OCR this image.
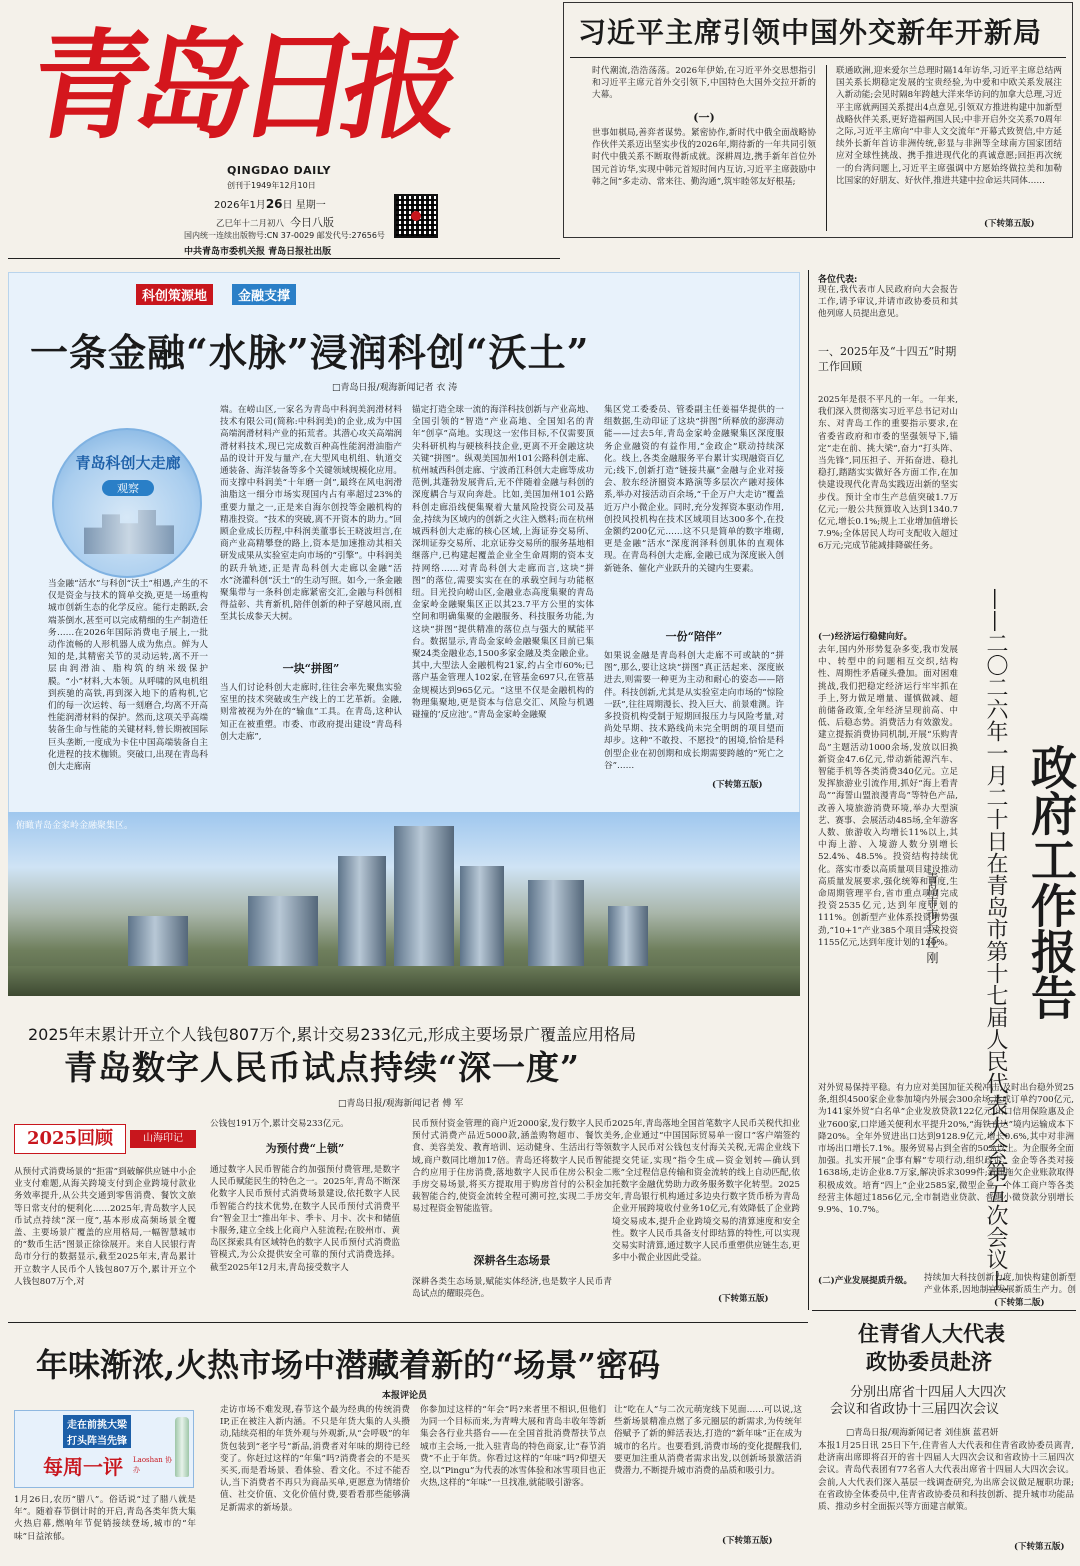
青岛日报
QINGDAO DAILY
创刊于1949年12月10日
2026年1月26日 星期一
乙巳年十二月初八 今日八版
国内统一连续出版物号:CN 37-0029 邮发代号:27656号
中共青岛市委机关报 青岛日报社出版
习近平主席引领中国外交新年开新局
时代潮流,浩浩荡荡。2026年伊始,在习近平外交思想指引和习近平主席元首外交引领下,中国特色大国外交拉开新的大幕。
(一)
世事如棋局,善弈者谋势。紧密协作,新时代中俄全面战略协作伙伴关系迈出坚实步伐的2026年,期待新的一年共同引领时代中俄关系不断取得新成就。深耕周边,携手新年首位外国元首访华,实现中韩元首短时间内互访,习近平主席鼓励中韩之间“多走动、常来往、勤沟通”,筑牢睦邻友好根基;
联通欧洲,迎来爱尔兰总理时隔14年访华,习近平主席总结两国关系长期稳定发展的宝贵经验,为中爱和中欧关系发展注入新动能;会见时隔8年跨越大洋来华访问的加拿大总理,习近平主席就两国关系提出4点意见,引领双方推进构建中加新型战略伙伴关系,更好造福两国人民;中非开启外交关系70周年之际,习近平主席向“中非人文交流年”开幕式致贺信,中方延续外长新年首访非洲传统,彰显与非洲等全球南方国家团结应对全球性挑战、携手推进现代化的真诚意愿;回拒再次统一的台湾问题上,习近平主席强调中方愿始终做拉美和加勒比国家的好朋友、好伙伴,推进共建中拉命运共同体……
(下转第五版)
科创策源地	金融支撑
一条金融“水脉”浸润科创“沃土”
□青岛日报/观海新闻记者 衣 涛
青岛科创大走廊
观察
当金融“活水”与科创“沃土”相遇,产生的不仅是资金与技术的简单交换,更是一场重构城市创新生态的化学反应。能行走鹅跃,会端茶倒水,甚至可以完成精细的生产制造任务……在2026年国际消费电子展上,一批动作流畅的人形机器人成为焦点。鲜为人知的是,其精密关节的灵动运转,离不开一层由润滑油、脂构筑的纳米级保护膜。“小”材料,大本领。从呼啸的风电机组到疾驰的高铁,再到深入地下的盾构机,它们的每一次运转、每一刻磨合,均离不开高性能润滑材料的保护。然而,这项关乎高端装备生命与性能的关键材料,曾长期被国际巨头垄断,一度成为卡住中国高端装备自主化进程的技术枷锁。突破口,出现在青岛科创大走廊南
端。在崂山区,一家名为青岛中科润美润滑材料技术有限公司(简称:中科润美)的企业,成为中国高端润滑材料产业的拓荒者。其潜心攻关高端润滑材料技术,现已完成数百种高性能润滑油脂产品的设计开发与量产,在大型风电机组、轨道交通装备、海洋装备等多个关键领域规模化应用。而支撑中科润美“十年磨一剑”,最终在风电润滑油脂这一细分市场实现国内占有率超过23%的重要力量之一,正是来自海尔创投等金融机构的精准投资。“技术的突破,离不开资本的助力。”回顾企业成长历程,中科润美董事长王晓波坦言,在商产业高精攀登的路上,资本是加速推动其相关研发成果从实验室走向市场的“引擎”。中科润美的跃升轨迹,正是青岛科创大走廊以金融“活水”浇灌科创“沃土”的生动写照。如今,一条金融聚集带与一条科创走廊紧密交汇,金融与科创相得益彰、共育新机,陪伴创新的种子穿越风雨,直至其长成参天大树。
一块“拼图”
当人们讨论科创大走廊时,往往会率先聚焦实验室里的技术突破或生产线上的工艺革新。金融,则常被视为外在的“输血”工具。在青岛,这种认知正在被重塑。市委、市政府提出建设“青岛科创大走廊”,
锚定打造全球一流的海洋科技创新与产业高地、全国引领的“智造”产业高地、全国知名的青年“创享”高地。实现这一宏伟目标,不仅需要顶尖科研机构与硬核科技企业,更离不开金融这块关键“拼图”。纵观美国加州101公路科创走廊、杭州城西科创走廊、宁波甬江科创大走廊等成功范例,其蓬勃发展背后,无不伴随着金融与科创的深度耦合与双向奔赴。比如,美国加州101公路科创走廊沿线便集聚着大量风险投资公司及基金,持续为区域内的创新之火注入燃料;而在杭州城西科创大走廊的核心区域,上海证券交易所、深圳证券交易所、北京证券交易所的服务基地相继落户,已构建起覆盖企业全生命周期的资本支持网络……对青岛科创大走廊而言,这块“拼图”的落位,需要实实在在的承载空间与功能枢纽。目光投向崂山区,金融业态高度集聚的青岛金家岭金融聚集区正以其23.7平方公里的实体空间和明确集聚的金融服务、科技服务功能,为这块“拼图”提供精准的落位点与强大的赋能平台。数据显示,青岛金家岭金融聚集区目前已集聚24类金融业态,1500多家金融及类金融企业。其中,大型法人金融机构21家,约占全市60%;已落户基金管理人102家,在管基金697只,在管基金规模达到965亿元。“这里不仅是金融机构的物理集聚地,更是资本与信息交汇、风险与机遇碰撞的‘反应池’。”青岛金家岭金融聚
集区党工委委员、管委副主任姜福华提供的一组数据,生动印证了这块“拼图”所释放的澎湃动能——过去5年,青岛金家岭金融聚集区深度服务企业融资的有益作用,“金政企”联动持续深化。线上,各类金融服务平台累计实现融资百亿元;线下,创新打造“链接共赢”金融与企业对接会、胶东经济圈资本路演等多层次产融对接体系,举办对接活动百余场,“千企万户大走访”覆盖近万户小微企业。同时,充分发挥资本驱动作用,创投风投机构在技术区域项目达300多个,在投金额约200亿元……这不只是简单的数字堆砌,更是金融“活水”深度润泽科创肌体的直观体现。在青岛科创大走廊,金融已成为深度嵌入创新链条、催化产业跃升的关键内生要素。
一份“陪伴”
如果说金融是青岛科创大走廊不可或缺的“拼图”,那么,要让这块“拼图”真正活起来、深度嵌进去,则需要一种更为主动和耐心的姿态——陪伴。科技创新,尤其是从实验室走向市场的“惊险一跃”,往往周期漫长、投入巨大、前景难测。许多投资机构受制于短期回报压力与风险考量,对尚处早期、技术路线尚未完全明朗的项目望而却步。这种“不敢投、不愿投”的困境,恰恰是科创型企业在初创期和成长期需要跨越的“死亡之谷”……
(下转第五版)
俯瞰青岛金家岭金融聚集区。
2025年末累计开立个人钱包807万个,累计交易233亿元,形成主要场景广覆盖应用格局
青岛数字人民币试点持续“深一度”
□青岛日报/观海新闻记者 傅 军
2025回顾	山海印记
从预付式消费场景的“拒雷”到破解供应链中小企业支付难题,从海关跨境支付到企业跨境付款业务效率提升,从公共交通到零售消费、餐饮文旅等日常支付的便利化……2025年,青岛数字人民币试点持续“深一度”,基本形成高频场景全覆盖、主要场景广覆盖的应用格局,一幅智慧城市的“数币生活”图景正徐徐展开。来自人民银行青岛市分行的数据显示,截至2025年末,青岛累计开立数字人民币个人钱包807万个,累计开立个人钱包807万个,对
公钱包191万个,累计交易233亿元。
为预付费“上锁”
通过数字人民币智能合约加强预付费管理,是数字人民币赋能民生的特色之一。2025年,青岛不断深化数字人民币预付式消费场景建设,依托数字人民币智能合约技术优势,在数字人民币预付式消费平台“智金卫士”推出年卡、季卡、月卡、次卡和储值卡服务,建立全线上化商户入驻流程;在胶州市、黄岛区探索具有区域特色的数字人民币预付式消费监管模式,为公众提供安全可靠的预付式消费选择。截至2025年12月末,青岛接受数字人
民币预付资金管理的商户近2000家,发行数字人民币预付式消费产品近5000款,涵盖购物超市、餐饮美食、美容美发、教育培训、运动健身、生活出行等领域,商户数同比增加17倍。青岛还将数字人民币智能合约应用于住房消费,落地数字人民币住房公积金二手房交易场景,将买方提取用于购房首付的公积金加载智能合约,使资金流转全程可溯可控,实现二手房交易过程资金智能监管。
深耕各生态场景
深耕各类生态场景,赋能实体经济,也是数字人民币青岛试点的耀眼亮色。
2025年,青岛落地全国首笔数字人民币关税代扣业务,企业通过“中国国际贸易单一窗口”客户端签约数字人民币对公钱包支付海关关税,无需企业线下提交凭证,实现“指令生成—资金划转—确认到账”全过程信息传输和资金流转的线上自动匹配,依托数字金融优势助力政务服务数字化转型。2025年,青岛银行机构通过多边央行数字货币桥为青岛企业开展跨境收付业务10亿元,有效降低了企业跨境交易成本,提升企业跨境交易的清算速度和安全性。数字人民币具备支付即结算的特性,可以实现交易实时清算,通过数字人民币重塑供应链生态,更多中小微企业因此受益。
(下转第五版)
年味渐浓,火热市场中潜藏着新的“场景”密码
本报评论员
走在前挑大梁
打头阵当先锋
每周一评 Laoshan 协办
1月26日,农历“腊八”。俗话说“过了腊八就是年”。随着春节倒计时的开启,青岛各类年货大集火热启幕,燃响年节促销接续登场,城市的“年味”日益浓郁。
走访市场不难发现,春节这个最为经典的传统消费IP,正在被注入新内涵。不只是年货大集的人头攒动,陆续亮相的年货外观与外观新,从“会呼吸”的年货包装到“老字号”新品,消费者对年味的期待已经变了。你赶过这样的“年集”吗?消费者会的不是买买买,而是看场景、看体验、看文化。不过不能否认,当下消费者不再只为商品买单,更愿意为情绪价值、社交价值、文化价值付费,要看看那些能够满足新需求的新场景。
你参加过这样的“年会”吗?来者里不相识,但他们为同一个目标而来,为青啤大展和青岛丰收年等新集会各行业共搭台——在全国首批消费帮扶节点城市主会场,一批入驻青岛的特色商家,让“春节消费”不止于年货。你看过这样的“年味”吗?仰望天空,以“Pingu”为代表的冰雪体验和冰雪项目也正火热,这样的“年味”一旦找准,就能吸引游客。
让“吃在人”与二次元萌宠线下见面……可以说,这些新场景精准点燃了多元圈层的新需求,为传统年俗赋予了新的鲜活表达,打造的“新年味”正在成为城市的名片。也要看到,消费市场的变化提醒我们,要更加注重从消费者需求出发,以创新场景激活消费潜力,不断提升城市消费的品质和吸引力。
(下转第五版)
各位代表:
现在,我代表市人民政府向大会报告工作,请予审议,并请市政协委员和其他列席人员提出意见。
一、2025年及“十四五”时期工作回顾
2025年是很不平凡的一年。一年来,我们深入贯彻落实习近平总书记对山东、对青岛工作的重要指示要求,在省委省政府和市委的坚强领导下,锚定“走在前、挑大梁”,奋力“打头阵、当先锋”,同压担子、开拓奋进、稳扎稳打,踏踏实实做好各方面工作,在加快建设现代化青岛实践迈出新的坚实步伐。预计全市生产总值突破1.7万亿元;一般公共预算收入达到1340.7亿元,增长0.1%;规上工业增加值增长7.9%;全体居民人均可支配收入超过6万元;完成节能减排降碳任务。
(一)经济运行稳健向好。
去年,国内外形势复杂多变,我市发展中、转型中的问题相互交织,结构性、周期性矛盾碰头叠加。面对困难挑战,我们把稳定经济运行牢牢抓在手上,努力做足增量、谨慎做减、超前储备政策,全年经济呈现前高、中低、后稳态势。消费活力有效激发。建立提振消费协同机制,开展“乐购青岛”主题活动1000余场,发放以旧换新资金47.6亿元,带动新能源汽车、智能手机等各类消费340亿元。立足发挥旅游业引流作用,抓好“海上看青岛”“海誓山盟浪漫青岛”等特色产品,改善入境旅游消费环境,举办大型演艺、赛事、会展活动485场,全年游客人数、旅游收入均增长11%以上,其中海上游、入境游人数分别增长52.4%、48.5%。投资结构持续优化。落实市委以高质量项目建设推动高质量发展要求,强化统筹和调度,生命周期管理平台,省市重点项目完成投资2535亿元,达到年度计划的111%。创新型产业体系投资增势强劲,“10+1”产业385个项目完成投资1155亿元,达到年度计划的120%。	——二〇二六年一月二十日在青岛市第十七届人民代表大会第五次会议上 政府工作报告
青岛市市长 任 刚
对外贸易保持平稳。有力应对美国加征关税冲击,及时出台稳外贸25条,组织4500家企业参加境内外展会300余场,达成订单约700亿元,为141家外贸“白名单”企业发放贷款122亿元,出口信用保险惠及企业7600家,口岸通关便利水平提升20%,“海铁直达”境内运输成本下降20%。全年外贸进出口达到9128.9亿元,增长0.6%,其中对非洲市场出口增长7.1%。服务贸易占到全省的50%以上。为企服务全面加强。扎实开展“企事有解”专项行动,组织政企、金企等各类对接1638场,走访企业8.7万家,解决诉求3099件;清理拖欠企业账款取得积极成效。培育“四上”企业2585家,微型企业、个体工商户等各类经营主体超过1856亿元,全市制造业贷款、普惠小微贷款分别增长9.9%、10.7%。
(二)产业发展提质升级。 持续加大科技创新力度,加快构建创新型产业体系,因地制宜发展新质生产力。创
(下转第二版)
住青省人大代表
政协委员赴济
分别出席省十四届人大四次
会议和省政协十三届四次会议
□青岛日报/观海新闻记者 刘佳旗 蓝君妍
本报1月25日讯 25日下午,住青省人大代表和住青省政协委员离青,赴济南出席即将召开的省十四届人大四次会议和省政协十三届四次会议。青岛代表团有77名省人大代表出席省十四届人大四次会议。会前,人大代表们深入基层一线调查研究,为出席会议做足履职功课;在省政协全体委员中,住青省政协委员和科技创新、提升城市功能品质、推动乡村全面振兴等方面建言献策。
(下转第五版)
